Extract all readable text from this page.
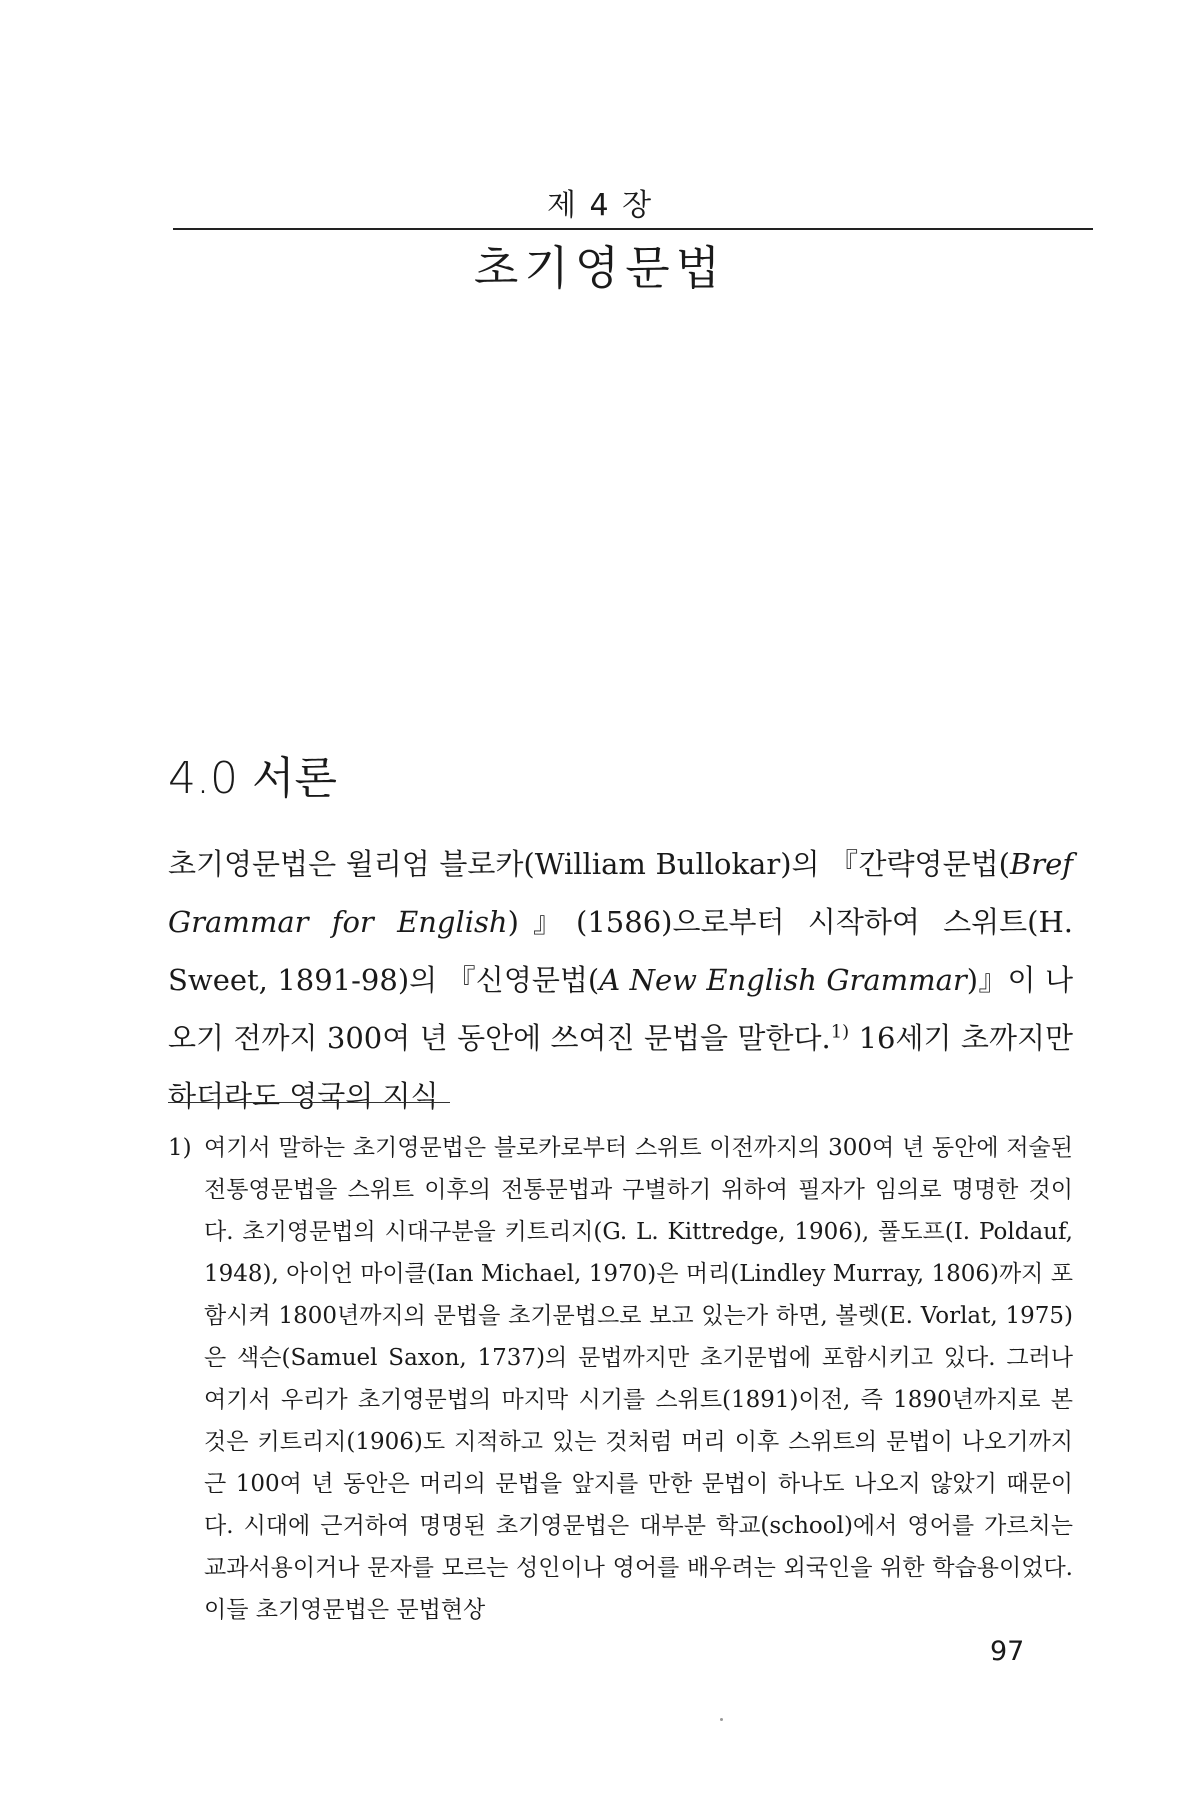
제 4 장
초기영문법
4.0 서론
초기영문법은 윌리엄 블로카(William Bullokar)의 『간략영문법(Bref Grammar for English)』(1586)으로부터 시작하여 스위트(H. Sweet, 1891-98)의 『신영문법(A New English Grammar)』이 나오기 전까지 300여 년 동안에 쓰여진 문법을 말한다.$^{1)}$ 16세기 초까지만 하더라도 영국의 지식
1) 여기서 말하는 초기영문법은 블로카로부터 스위트 이전까지의 300여 년 동안에 저술된 전통영문법을 스위트 이후의 전통문법과 구별하기 위하여 필자가 임의로 명명한 것이다. 초기영문법의 시대구분을 키트리지(G. L. Kittredge, 1906), 풀도프(I. Poldauf, 1948), 아이언 마이클(Ian Michael, 1970)은 머리(Lindley Murray, 1806)까지 포함시켜 1800년까지의 문법을 초기문법으로 보고 있는가 하면, 볼렛(E. Vorlat, 1975)은 색슨(Samuel Saxon, 1737)의 문법까지만 초기문법에 포함시키고 있다. 그러나 여기서 우리가 초기영문법의 마지막 시기를 스위트(1891)이전, 즉 1890년까지로 본 것은 키트리지(1906)도 지적하고 있는 것처럼 머리 이후 스위트의 문법이 나오기까지 근 100여 년 동안은 머리의 문법을 앞지를 만한 문법이 하나도 나오지 않았기 때문이다. 시대에 근거하여 명명된 초기영문법은 대부분 학교(school)에서 영어를 가르치는 교과서용이거나 문자를 모르는 성인이나 영어를 배우려는 외국인을 위한 학습용이었다. 이들 초기영문법은 문법현상
97
